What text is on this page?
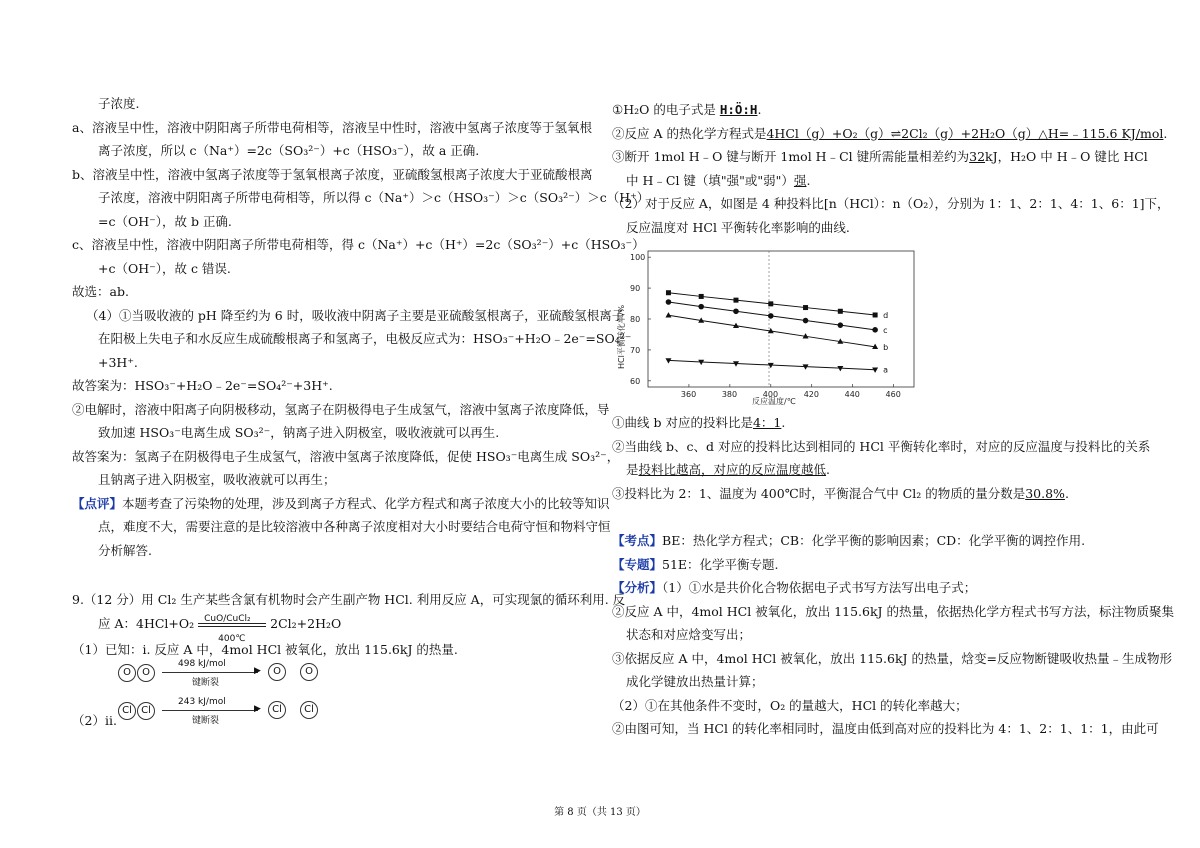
子浓度.
a、溶液呈中性，溶液中阴阳离子所带电荷相等，溶液呈中性时，溶液中氢离子浓度等于氢氧根
离子浓度，所以 c（Na⁺）=2c（SO₃²⁻）+c（HSO₃⁻），故 a 正确.
b、溶液呈中性，溶液中氢离子浓度等于氢氧根离子浓度，亚硫酸氢根离子浓度大于亚硫酸根离
子浓度，溶液中阴阳离子所带电荷相等，所以得 c（Na⁺）＞c（HSO₃⁻）＞c（SO₃²⁻）＞c（H⁺）
=c（OH⁻），故 b 正确.
c、溶液呈中性，溶液中阴阳离子所带电荷相等，得 c（Na⁺）+c（H⁺）=2c（SO₃²⁻）+c（HSO₃⁻）
+c（OH⁻），故 c 错误.
故选：ab.
（4）①当吸收液的 pH 降至约为 6 时，吸收液中阴离子主要是亚硫酸氢根离子，亚硫酸氢根离子
在阳极上失电子和水反应生成硫酸根离子和氢离子，电极反应式为：HSO₃⁻+H₂O﹣2e⁻=SO₄²⁻
+3H⁺.
故答案为：HSO₃⁻+H₂O﹣2e⁻=SO₄²⁻+3H⁺.
②电解时，溶液中阳离子向阴极移动，氢离子在阴极得电子生成氢气，溶液中氢离子浓度降低，导
致加速 HSO₃⁻电离生成 SO₃²⁻，钠离子进入阴极室，吸收液就可以再生.
故答案为：氢离子在阴极得电子生成氢气，溶液中氢离子浓度降低，促使 HSO₃⁻电离生成 SO₃²⁻，
且钠离子进入阴极室，吸收液就可以再生；
【点评】本题考查了污染物的处理，涉及到离子方程式、化学方程式和离子浓度大小的比较等知识
点，难度不大，需要注意的是比较溶液中各种离子浓度相对大小时要结合电荷守恒和物料守恒
分析解答.
9.（12 分）用 Cl₂ 生产某些含氯有机物时会产生副产物 HCl. 利用反应 A，可实现氯的循环利用. 反
应 A：4HCl+O₂ CuO/CuCl₂
400℃
2Cl₂+2H₂O
（1）已知：i. 反应 A 中，4mol HCl 被氧化，放出 115.6kJ 的热量.
O O
498 kJ/mol
▶
键断裂
O	O
（2）ii.
Cl Cl
243 kJ/mol
▶
键断裂
Cl	Cl
①H₂O 的电子式是 H:Ö:H.
②反应 A 的热化学方程式是4HCl（g）+O₂（g）⇌2Cl₂（g）+2H₂O（g）△H=﹣115.6 KJ/mol.
③断开 1mol H﹣O 键与断开 1mol H﹣Cl 键所需能量相差约为32kJ，H₂O 中 H﹣O 键比 HCl
中 H﹣Cl 键（填"强"或"弱"）强.
（2）对于反应 A，如图是 4 种投料比[n（HCl）：n（O₂），分别为 1：1、2：1、4：1、6：1]下，
反应温度对 HCl 平衡转化率影响的曲线.
360	380	400	420	440	460
60
70
80
90
100
d
c
b
a
HCl平衡转化率/%
反应温度/℃
①曲线 b 对应的投料比是4：1.
②当曲线 b、c、d 对应的投料比达到相同的 HCl 平衡转化率时，对应的反应温度与投料比的关系
是投料比越高，对应的反应温度越低.
③投料比为 2：1、温度为 400℃时，平衡混合气中 Cl₂ 的物质的量分数是30.8%.
【考点】BE：热化学方程式；CB：化学平衡的影响因素；CD：化学平衡的调控作用.
【专题】51E：化学平衡专题.
【分析】（1）①水是共价化合物依据电子式书写方法写出电子式；
②反应 A 中，4mol HCl 被氧化，放出 115.6kJ 的热量，依据热化学方程式书写方法，标注物质聚集
状态和对应焓变写出；
③依据反应 A 中，4mol HCl 被氧化，放出 115.6kJ 的热量，焓变=反应物断键吸收热量﹣生成物形
成化学键放出热量计算；
（2）①在其他条件不变时，O₂ 的量越大，HCl 的转化率越大；
②由图可知，当 HCl 的转化率相同时，温度由低到高对应的投料比为 4：1、2：1、1：1，由此可
第 8 页（共 13 页）
